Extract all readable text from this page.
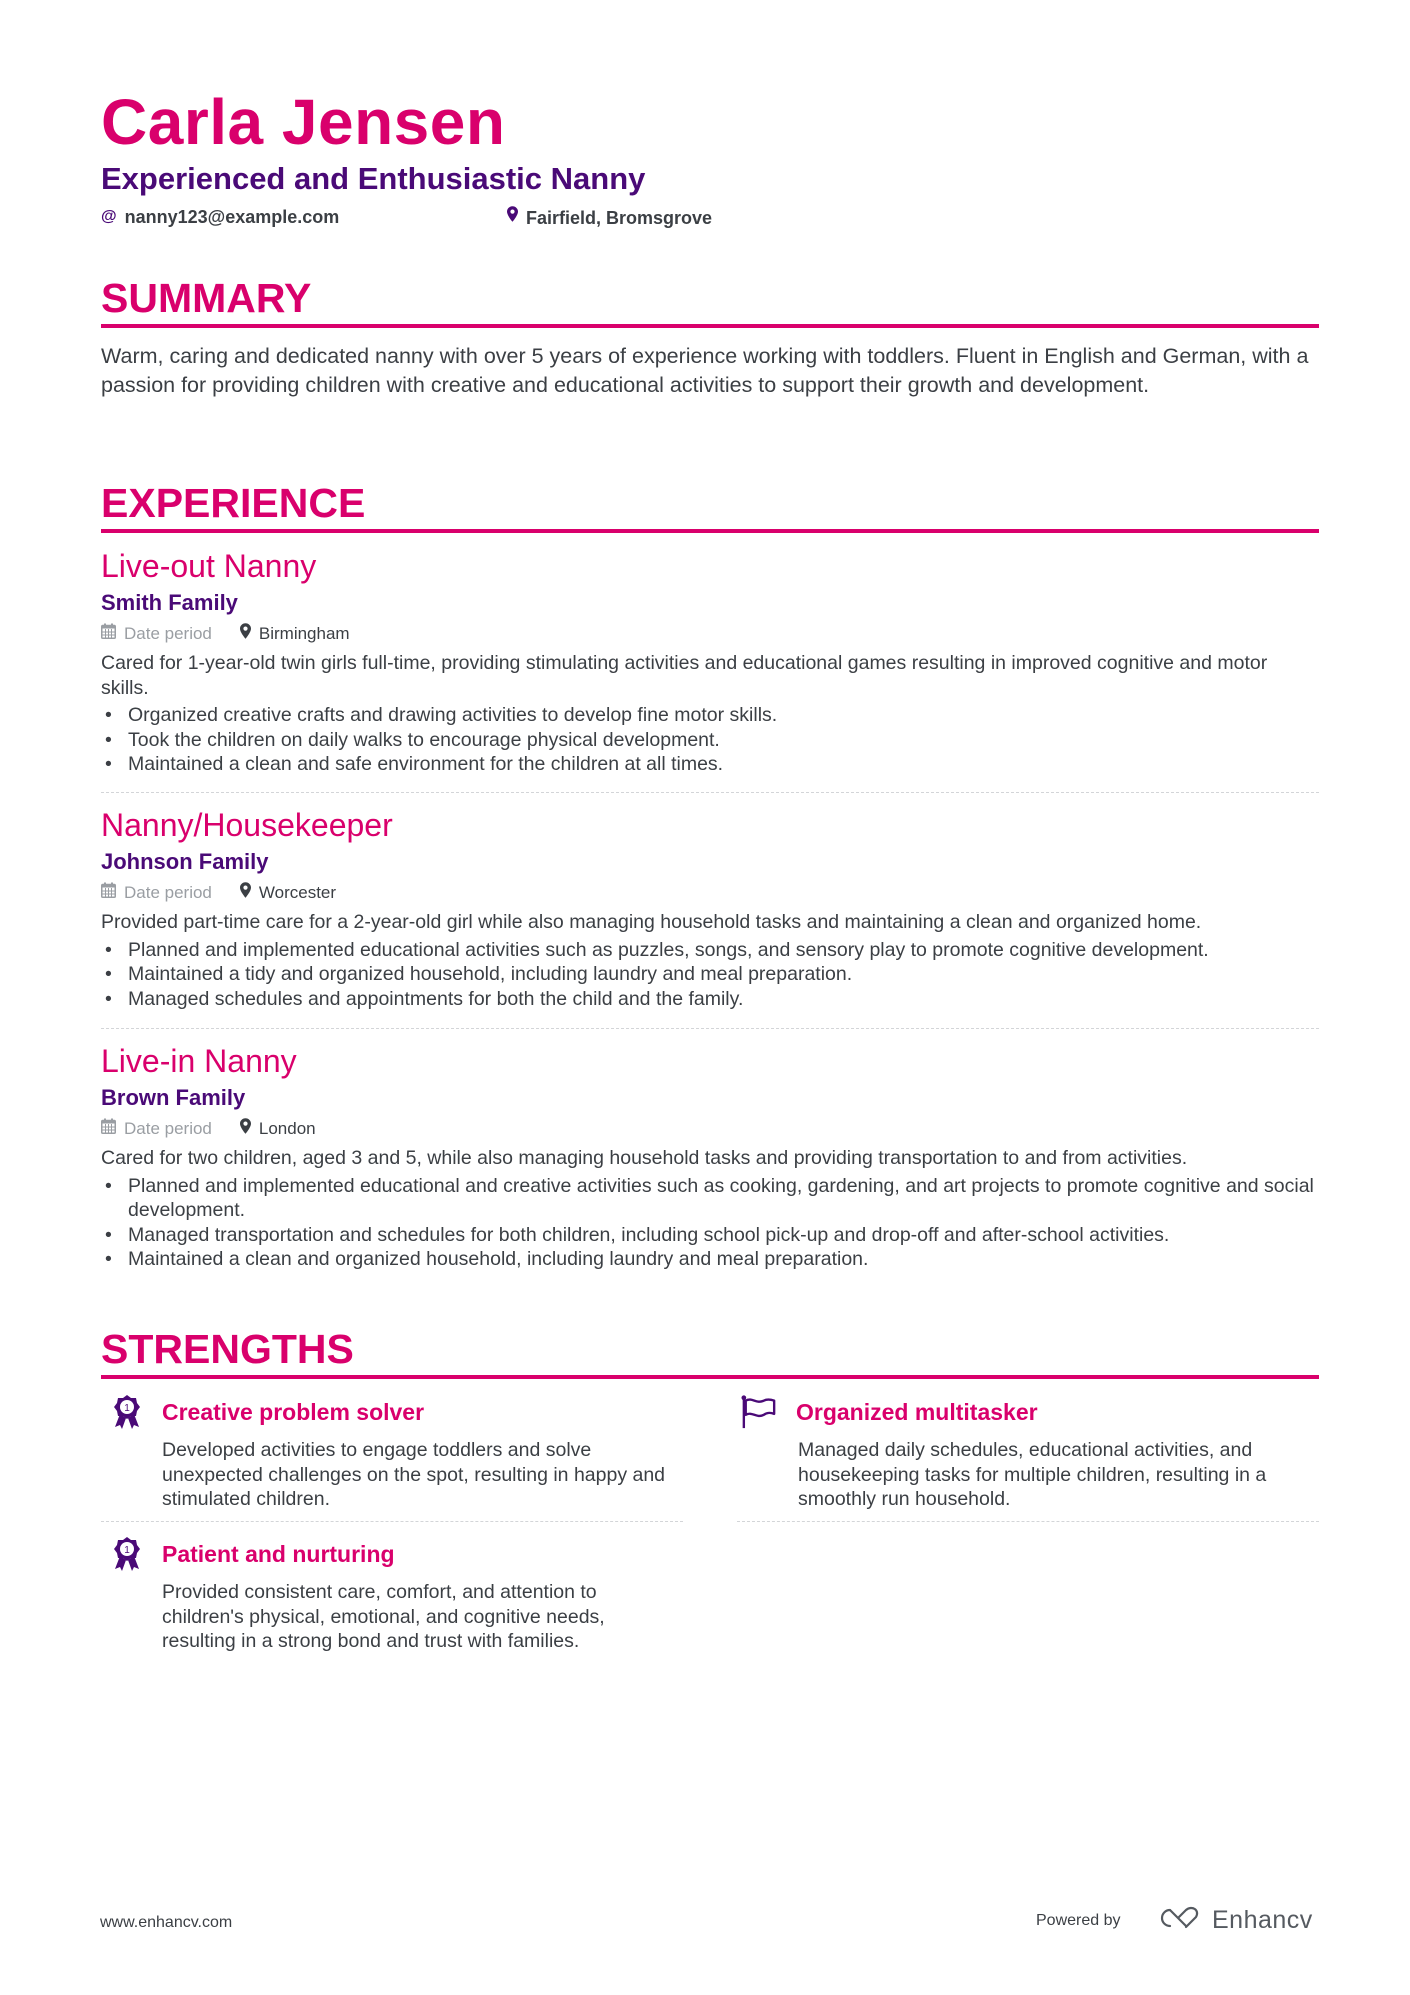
Carla Jensen
Experienced and Enthusiastic Nanny
@ nanny123@example.com	Fairfield, Bromsgrove
SUMMARY
Warm, caring and dedicated nanny with over 5 years of experience working with toddlers. Fluent in English and German, with a passion for providing children with creative and educational activities to support their growth and development.
EXPERIENCE
Live-out Nanny
Smith Family
Date period	Birmingham
Cared for 1-year-old twin girls full-time, providing stimulating activities and educational games resulting in improved cognitive and motor skills.
• Organized creative crafts and drawing activities to develop fine motor skills.
• Took the children on daily walks to encourage physical development.
• Maintained a clean and safe environment for the children at all times.
Nanny/Housekeeper
Johnson Family
Date period	Worcester
Provided part-time care for a 2-year-old girl while also managing household tasks and maintaining a clean and organized home.
• Planned and implemented educational activities such as puzzles, songs, and sensory play to promote cognitive development.
• Maintained a tidy and organized household, including laundry and meal preparation.
• Managed schedules and appointments for both the child and the family.
Live-in Nanny
Brown Family
Date period	London
Cared for two children, aged 3 and 5, while also managing household tasks and providing transportation to and from activities.
• Planned and implemented educational and creative activities such as cooking, gardening, and art projects to promote cognitive and social development.
• Managed transportation and schedules for both children, including school pick-up and drop-off and after-school activities.
• Maintained a clean and organized household, including laundry and meal preparation.
STRENGTHS
1 Creative problem solver
Developed activities to engage toddlers and solve unexpected challenges on the spot, resulting in happy and stimulated children.
Organized multitasker
Managed daily schedules, educational activities, and housekeeping tasks for multiple children, resulting in a smoothly run household.
1 Patient and nurturing
Provided consistent care, comfort, and attention to children's physical, emotional, and cognitive needs, resulting in a strong bond and trust with families.
www.enhancv.com	Powered by	Enhancv
